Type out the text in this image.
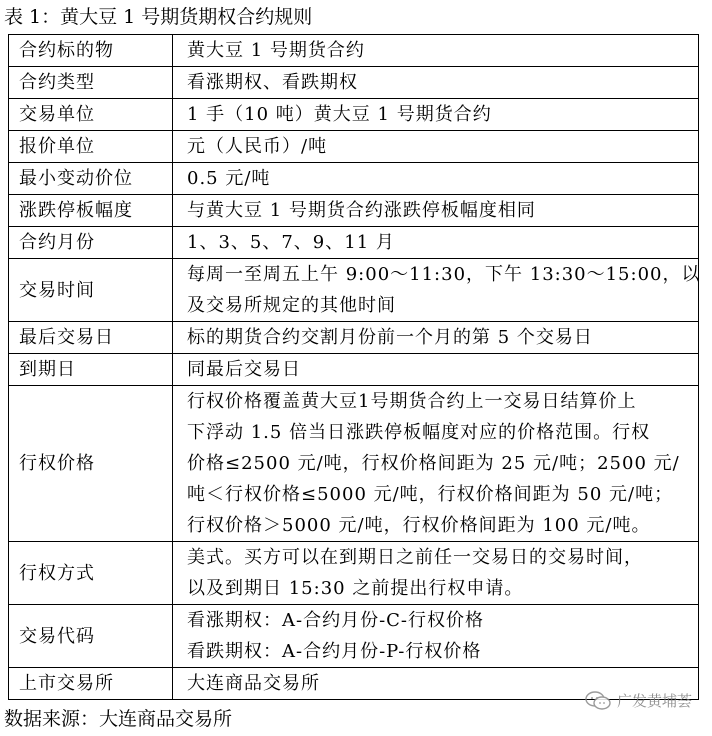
表 1：黄大豆 1 号期货期权合约规则
合约标的物	黄大豆 1 号期货合约

合约类型	看涨期权、看跌期权

交易单位	1 手（10 吨）黄大豆 1 号期货合约

报价单位	元（人民币）/吨

最小变动价位	0.5 元/吨

涨跌停板幅度	与黄大豆 1 号期货合约涨跌停板幅度相同

合约月份	1、3、5、7、9、11 月

交易时间	每周一至周五上午 9:00～11:30，下午 13:30～15:00，以
及交易所规定的其他时间

最后交易日	标的期货合约交割月份前一个月的第 5 个交易日

到期日	同最后交易日

行权价格	行权价格覆盖黄大豆1号期货合约上一交易日结算价上
下浮动 1.5 倍当日涨跌停板幅度对应的价格范围。行权
价格≤2500 元/吨，行权价格间距为 25 元/吨；2500 元/
吨＜行权价格≤5000 元/吨，行权价格间距为 50 元/吨；
行权价格＞5000 元/吨，行权价格间距为 100 元/吨。

行权方式	美式。买方可以在到期日之前任一交易日的交易时间，
以及到期日 15:30 之前提出行权申请。

交易代码	看涨期权：A-合约月份-C-行权价格
看跌期权：A-合约月份-P-行权价格

上市交易所	大连商品交易所
数据来源：大连商品交易所
广发黄埔荟
